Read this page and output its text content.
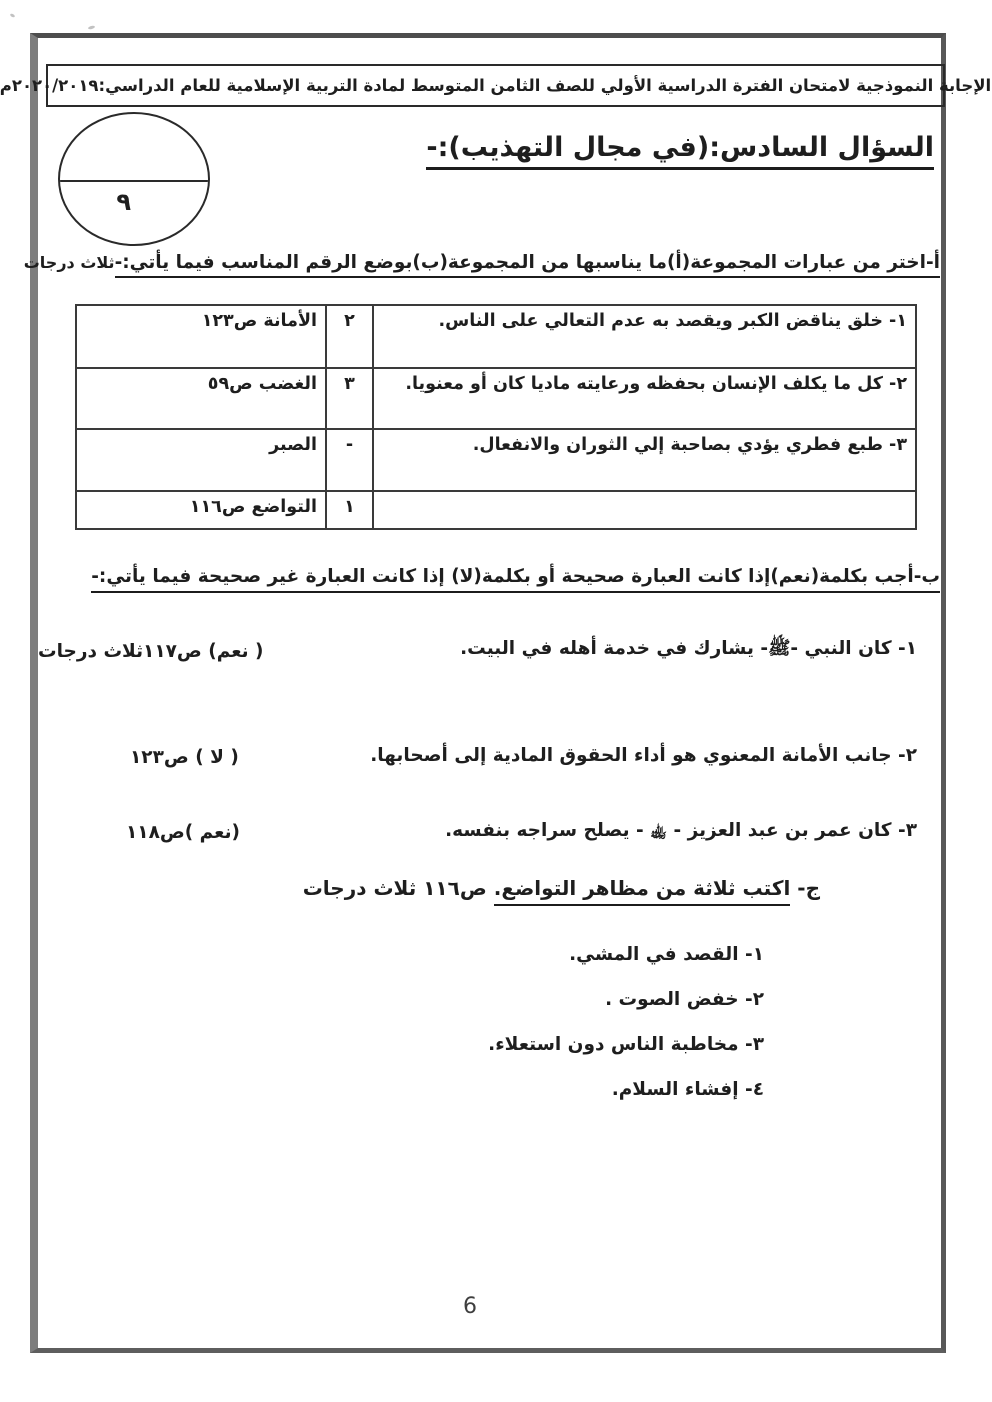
الإجابة النموذجية لامتحان الفترة الدراسية الأولي للصف الثامن المتوسط لمادة التربية الإسلامية للعام الدراسي:٢٠٢٠/٢٠١٩م
٩
السؤال السادس:(في مجال التهذيب):-
أ-اختر من عبارات المجموعة(أ)ما يناسبها من المجموعة(ب)بوضع الرقم المناسب فيما يأتي:-ثلاث درجات
١- خلق يناقض الكبر ويقصد به عدم التعالي على الناس.	٢	الأمانة ص١٢٣
٢- كل ما يكلف الإنسان بحفظه ورعايته ماديا كان أو معنويا.	٣	الغضب ص٥٩
٣- طبع فطري يؤدي بصاحبة إلي الثوران والانفعال.	-	الصبر
	١	التواضع ص١١٦
ب-أجب بكلمة(نعم)إذا كانت العبارة صحيحة أو بكلمة(لا) إذا كانت العبارة غير صحيحة فيما يأتي:-
١- كان النبي -ﷺ- يشارك في خدمة أهله في البيت.
( نعم) ص١١٧ثلاث درجات
٢- جانب الأمانة المعنوي هو أداء الحقوق المادية إلى أصحابها.
( لا ) ص١٢٣
٣- كان عمر بن عبد العزيز - ﵀ - يصلح سراجه بنفسه.
(نعم )ص١١٨
ج- اكتب ثلاثة من مظاهر التواضع. ص١١٦ ثلاث درجات
١- القصد في المشي.
٢- خفض الصوت .
٣- مخاطبة الناس دون استعلاء.
٤- إفشاء السلام.
6
